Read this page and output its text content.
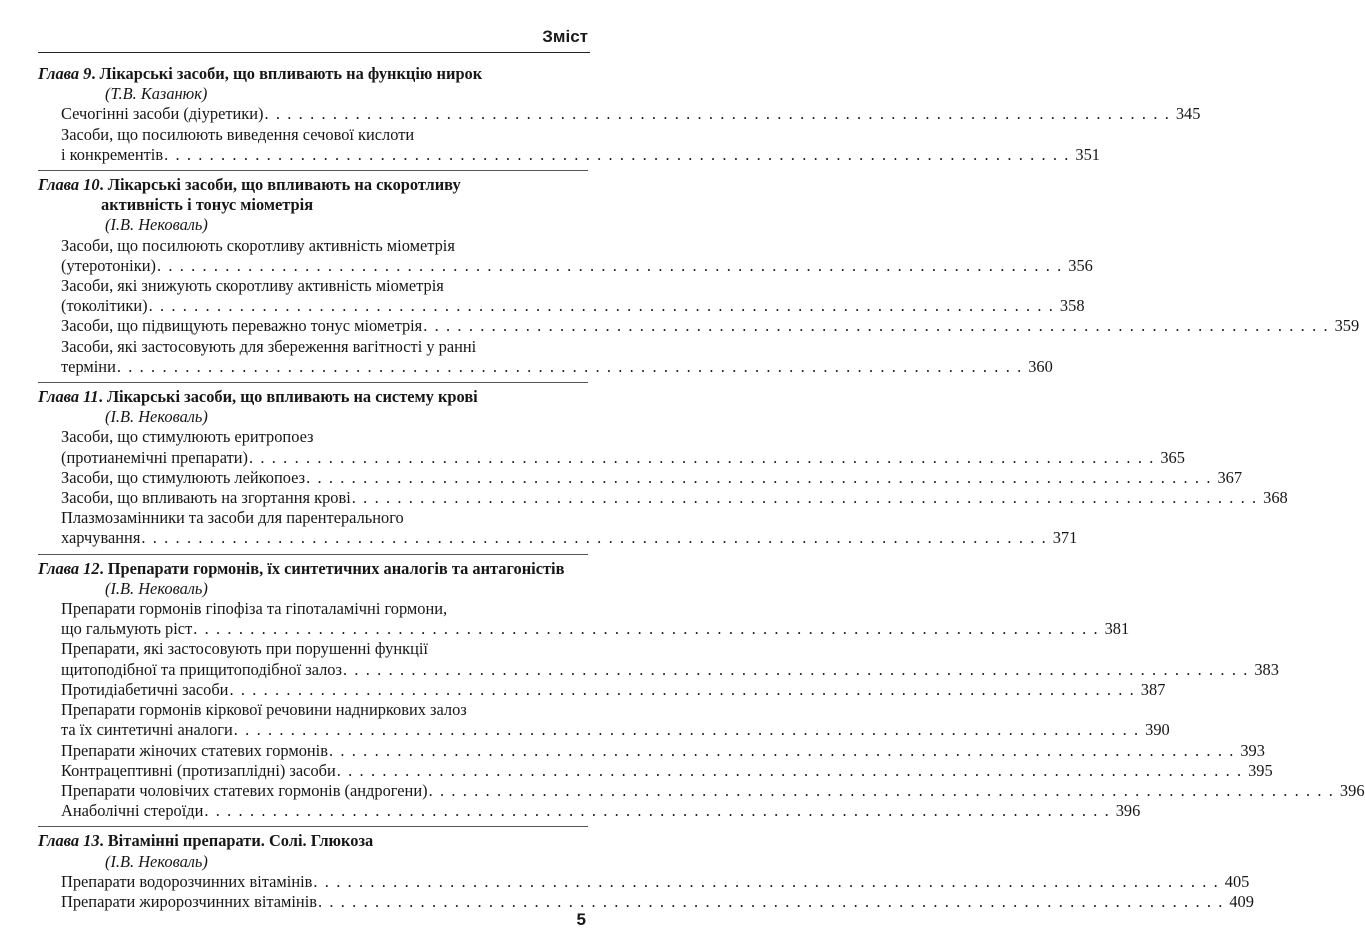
Зміст
Глава 9. Лікарські засоби, що впливають на функцію нирок
(Т.В. Казанюк)
Сечогінні засоби (діуретики) . . . . . . . . . . . . . . . . . . . . . . . . . . . . . . . . . . . . . . . . . . . . . . . . . . . . . . . . . . . . . . . . . . . . . . . . . . . . . . . . 345
Засоби, що посилюють виведення сечової кислоти
і конкрементів . . . . . . . . . . . . . . . . . . . . . . . . . . . . . . . . . . . . . . . . . . . . . . . . . . . . . . . . . . . . . . . . . . . . . . . . . . . . . . . . 351
Глава 10. Лікарські засоби, що впливають на скоротливу
активність і тонус міометрія
(І.В. Нековаль)
Засоби, що посилюють скоротливу активність міометрія
(утеротоніки) . . . . . . . . . . . . . . . . . . . . . . . . . . . . . . . . . . . . . . . . . . . . . . . . . . . . . . . . . . . . . . . . . . . . . . . . . . . . . . . . 356
Засоби, які знижують скоротливу активність міометрія
(токолітики) . . . . . . . . . . . . . . . . . . . . . . . . . . . . . . . . . . . . . . . . . . . . . . . . . . . . . . . . . . . . . . . . . . . . . . . . . . . . . . . . 358
Засоби, що підвищують переважно тонус міометрія . . . . . . . . . . . . . . . . . . . . . . . . . . . . . . . . . . . . . . . . . . . . . . . . . . . . . . . . . . . . . . . . . . . . . . . . . . . . . . . . 359
Засоби, які застосовують для збереження вагітності у ранні
терміни . . . . . . . . . . . . . . . . . . . . . . . . . . . . . . . . . . . . . . . . . . . . . . . . . . . . . . . . . . . . . . . . . . . . . . . . . . . . . . . . 360
Глава 11. Лікарські засоби, що впливають на систему крові
(І.В. Нековаль)
Засоби, що стимулюють еритропоез
(протианемічні препарати) . . . . . . . . . . . . . . . . . . . . . . . . . . . . . . . . . . . . . . . . . . . . . . . . . . . . . . . . . . . . . . . . . . . . . . . . . . . . . . . . 365
Засоби, що стимулюють лейкопоез . . . . . . . . . . . . . . . . . . . . . . . . . . . . . . . . . . . . . . . . . . . . . . . . . . . . . . . . . . . . . . . . . . . . . . . . . . . . . . . . 367
Засоби, що впливають на згортання крові . . . . . . . . . . . . . . . . . . . . . . . . . . . . . . . . . . . . . . . . . . . . . . . . . . . . . . . . . . . . . . . . . . . . . . . . . . . . . . . . 368
Плазмозамінники та засоби для парентерального
харчування . . . . . . . . . . . . . . . . . . . . . . . . . . . . . . . . . . . . . . . . . . . . . . . . . . . . . . . . . . . . . . . . . . . . . . . . . . . . . . . . 371
Глава 12. Препарати гормонів, їх синтетичних аналогів та антагоністів
(І.В. Нековаль)
Препарати гормонів гіпофіза та гіпоталамічні гормони,
що гальмують ріст . . . . . . . . . . . . . . . . . . . . . . . . . . . . . . . . . . . . . . . . . . . . . . . . . . . . . . . . . . . . . . . . . . . . . . . . . . . . . . . . 381
Препарати, які застосовують при порушенні функції
щитоподібної та прищитоподібної залоз . . . . . . . . . . . . . . . . . . . . . . . . . . . . . . . . . . . . . . . . . . . . . . . . . . . . . . . . . . . . . . . . . . . . . . . . . . . . . . . . 383
Протидіабетичні засоби . . . . . . . . . . . . . . . . . . . . . . . . . . . . . . . . . . . . . . . . . . . . . . . . . . . . . . . . . . . . . . . . . . . . . . . . . . . . . . . . 387
Препарати гормонів кіркової речовини надниркових залоз
та їх синтетичні аналоги . . . . . . . . . . . . . . . . . . . . . . . . . . . . . . . . . . . . . . . . . . . . . . . . . . . . . . . . . . . . . . . . . . . . . . . . . . . . . . . . 390
Препарати жіночих статевих гормонів . . . . . . . . . . . . . . . . . . . . . . . . . . . . . . . . . . . . . . . . . . . . . . . . . . . . . . . . . . . . . . . . . . . . . . . . . . . . . . . . 393
Контрацептивні (протизаплідні) засоби . . . . . . . . . . . . . . . . . . . . . . . . . . . . . . . . . . . . . . . . . . . . . . . . . . . . . . . . . . . . . . . . . . . . . . . . . . . . . . . . 395
Препарати чоловічих статевих гормонів (андрогени) . . . . . . . . . . . . . . . . . . . . . . . . . . . . . . . . . . . . . . . . . . . . . . . . . . . . . . . . . . . . . . . . . . . . . . . . . . . . . . . . 396
Анаболічні стероїди . . . . . . . . . . . . . . . . . . . . . . . . . . . . . . . . . . . . . . . . . . . . . . . . . . . . . . . . . . . . . . . . . . . . . . . . . . . . . . . . 396
Глава 13. Вітамінні препарати. Солі. Глюкоза
(І.В. Нековаль)
Препарати водорозчинних вітамінів . . . . . . . . . . . . . . . . . . . . . . . . . . . . . . . . . . . . . . . . . . . . . . . . . . . . . . . . . . . . . . . . . . . . . . . . . . . . . . . . 405
Препарати жиророзчинних вітамінів . . . . . . . . . . . . . . . . . . . . . . . . . . . . . . . . . . . . . . . . . . . . . . . . . . . . . . . . . . . . . . . . . . . . . . . . . . . . . . . . 409
5
